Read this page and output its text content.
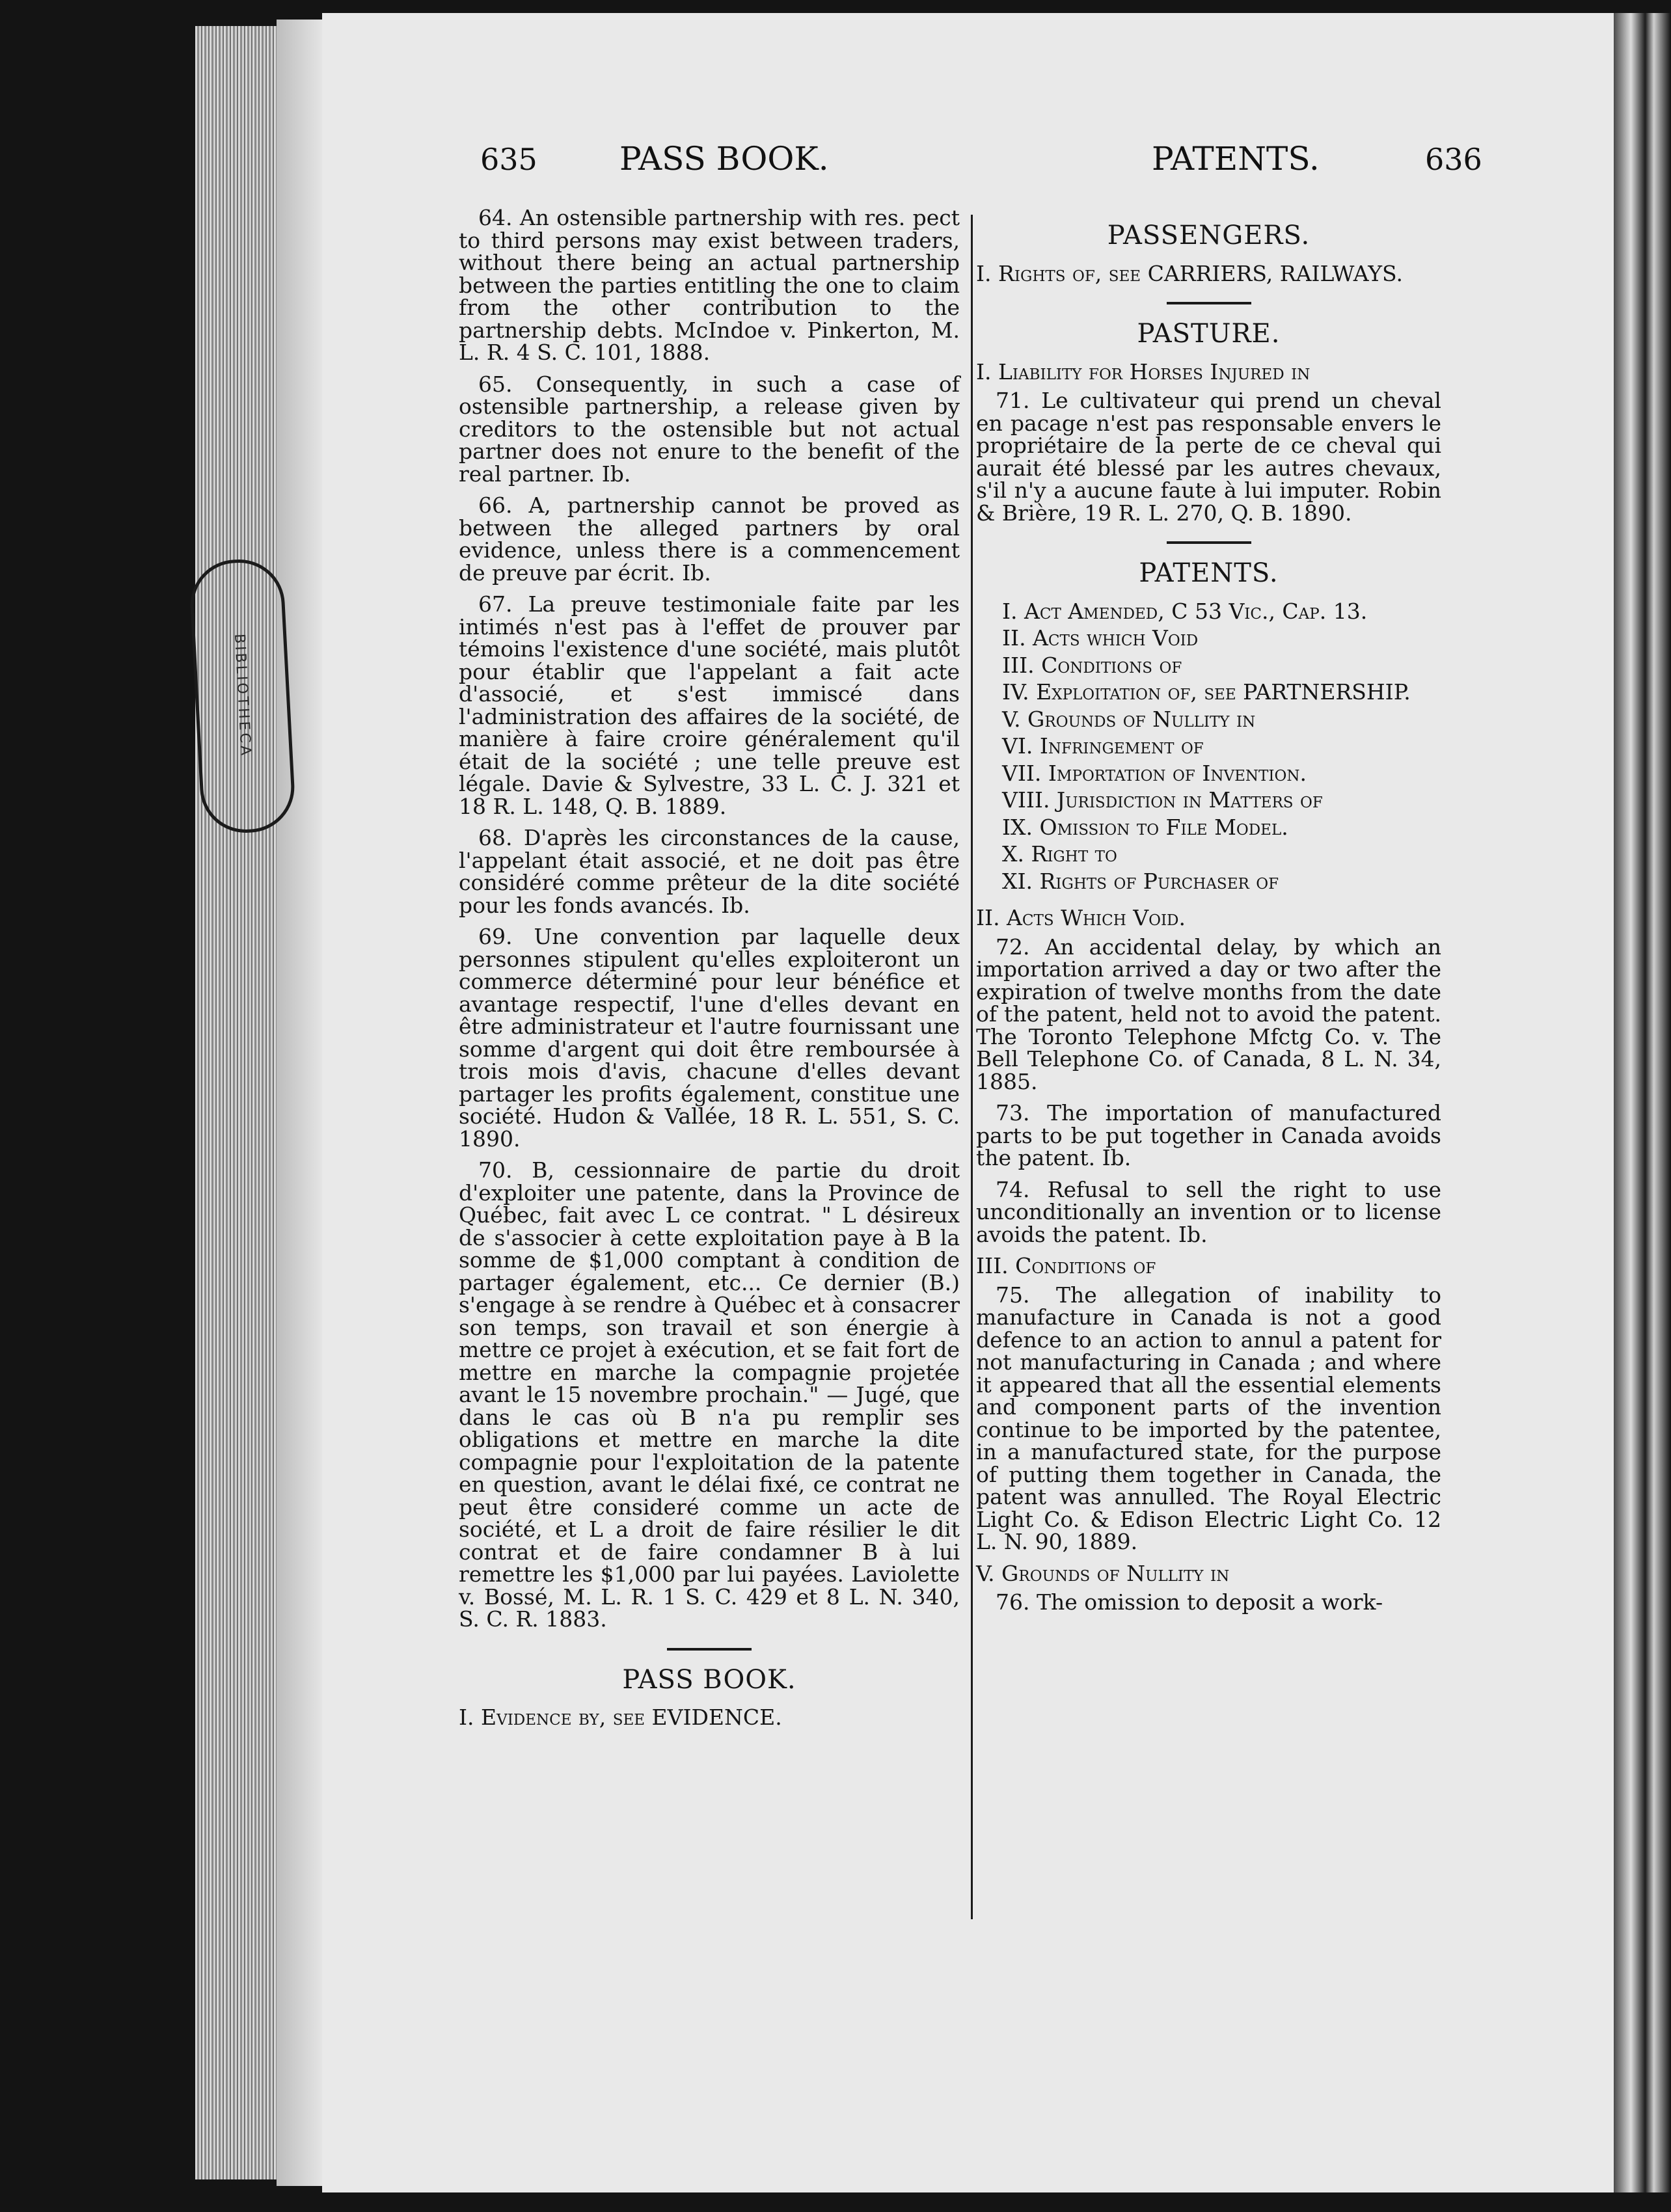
BIBLIOTHECA
635	PASS BOOK.	PATENTS.	636

64. An ostensible partnership with res. pect to third persons may exist between traders, without there being an actual partnership between the parties entitling the one to claim from the other contribution to the partnership debts. McIndoe v. Pinkerton, M. L. R. 4 S. C. 101, 1888.

65. Consequently, in such a case of ostensible partnership, a release given by creditors to the ostensible but not actual partner does not enure to the benefit of the real partner. Ib.

66. A, partnership cannot be proved as between the alleged partners by oral evidence, unless there is a commencement de preuve par écrit. Ib.

67. La preuve testimoniale faite par les intimés n'est pas à l'effet de prouver par témoins l'existence d'une société, mais plutôt pour établir que l'appelant a fait acte d'associé, et s'est immiscé dans l'administration des affaires de la société, de manière à faire croire généralement qu'il était de la société ; une telle preuve est légale. Davie & Sylvestre, 33 L. C. J. 321 et 18 R. L. 148, Q. B. 1889.

68. D'après les circonstances de la cause, l'appelant était associé, et ne doit pas être considéré comme prêteur de la dite société pour les fonds avancés. Ib.

69. Une convention par laquelle deux personnes stipulent qu'elles exploiteront un commerce déterminé pour leur bénéfice et avantage respectif, l'une d'elles devant en être administrateur et l'autre fournissant une somme d'argent qui doit être remboursée à trois mois d'avis, chacune d'elles devant partager les profits également, constitue une société. Hudon & Vallée, 18 R. L. 551, S. C. 1890.

70. B, cessionnaire de partie du droit d'exploiter une patente, dans la Province de Québec, fait avec L ce contrat. " L désireux de s'associer à cette exploitation paye à B la somme de $1,000 comptant à condition de partager également, etc... Ce dernier (B.) s'engage à se rendre à Québec et à consacrer son temps, son travail et son énergie à mettre ce projet à exécution, et se fait fort de mettre en marche la compagnie projetée avant le 15 novembre prochain." — Jugé, que dans le cas où B n'a pu remplir ses obligations et mettre en marche la dite compagnie pour l'exploitation de la patente en question, avant le délai fixé, ce contrat ne peut être consideré comme un acte de société, et L a droit de faire résilier le dit contrat et de faire condamner B à lui remettre les $1,000 par lui payées. Laviolette v. Bossé, M. L. R. 1 S. C. 429 et 8 L. N. 340, S. C. R. 1883.

PASS BOOK.

I. Evidence by, see EVIDENCE.

PASSENGERS.

I. Rights of, see CARRIERS, RAILWAYS.

PASTURE.

I. Liability for Horses Injured in

71. Le cultivateur qui prend un cheval en pacage n'est pas responsable envers le propriétaire de la perte de ce cheval qui aurait été blessé par les autres chevaux, s'il n'y a aucune faute à lui imputer. Robin & Brière, 19 R. L. 270, Q. B. 1890.

PATENTS.
I. Act Amended, C 53 Vic., Cap. 13.
II. Acts which Void
III. Conditions of
IV. Exploitation of, see PARTNERSHIP.
V. Grounds of Nullity in
VI. Infringement of
VII. Importation of Invention.
VIII. Jurisdiction in Matters of
IX. Omission to File Model.
X. Right to
XI. Rights of Purchaser of

II. Acts Which Void.

72. An accidental delay, by which an importation arrived a day or two after the expiration of twelve months from the date of the patent, held not to avoid the patent. The Toronto Telephone Mfctg Co. v. The Bell Telephone Co. of Canada, 8 L. N. 34, 1885.

73. The importation of manufactured parts to be put together in Canada avoids the patent. Ib.

74. Refusal to sell the right to use unconditionally an invention or to license avoids the patent. Ib.

III. Conditions of

75. The allegation of inability to manufacture in Canada is not a good defence to an action to annul a patent for not manufacturing in Canada ; and where it appeared that all the essential elements and component parts of the invention continue to be imported by the patentee, in a manufactured state, for the purpose of putting them together in Canada, the patent was annulled. The Royal Electric Light Co. & Edison Electric Light Co. 12 L. N. 90, 1889.

V. Grounds of Nullity in

76. The omission to deposit a work-
